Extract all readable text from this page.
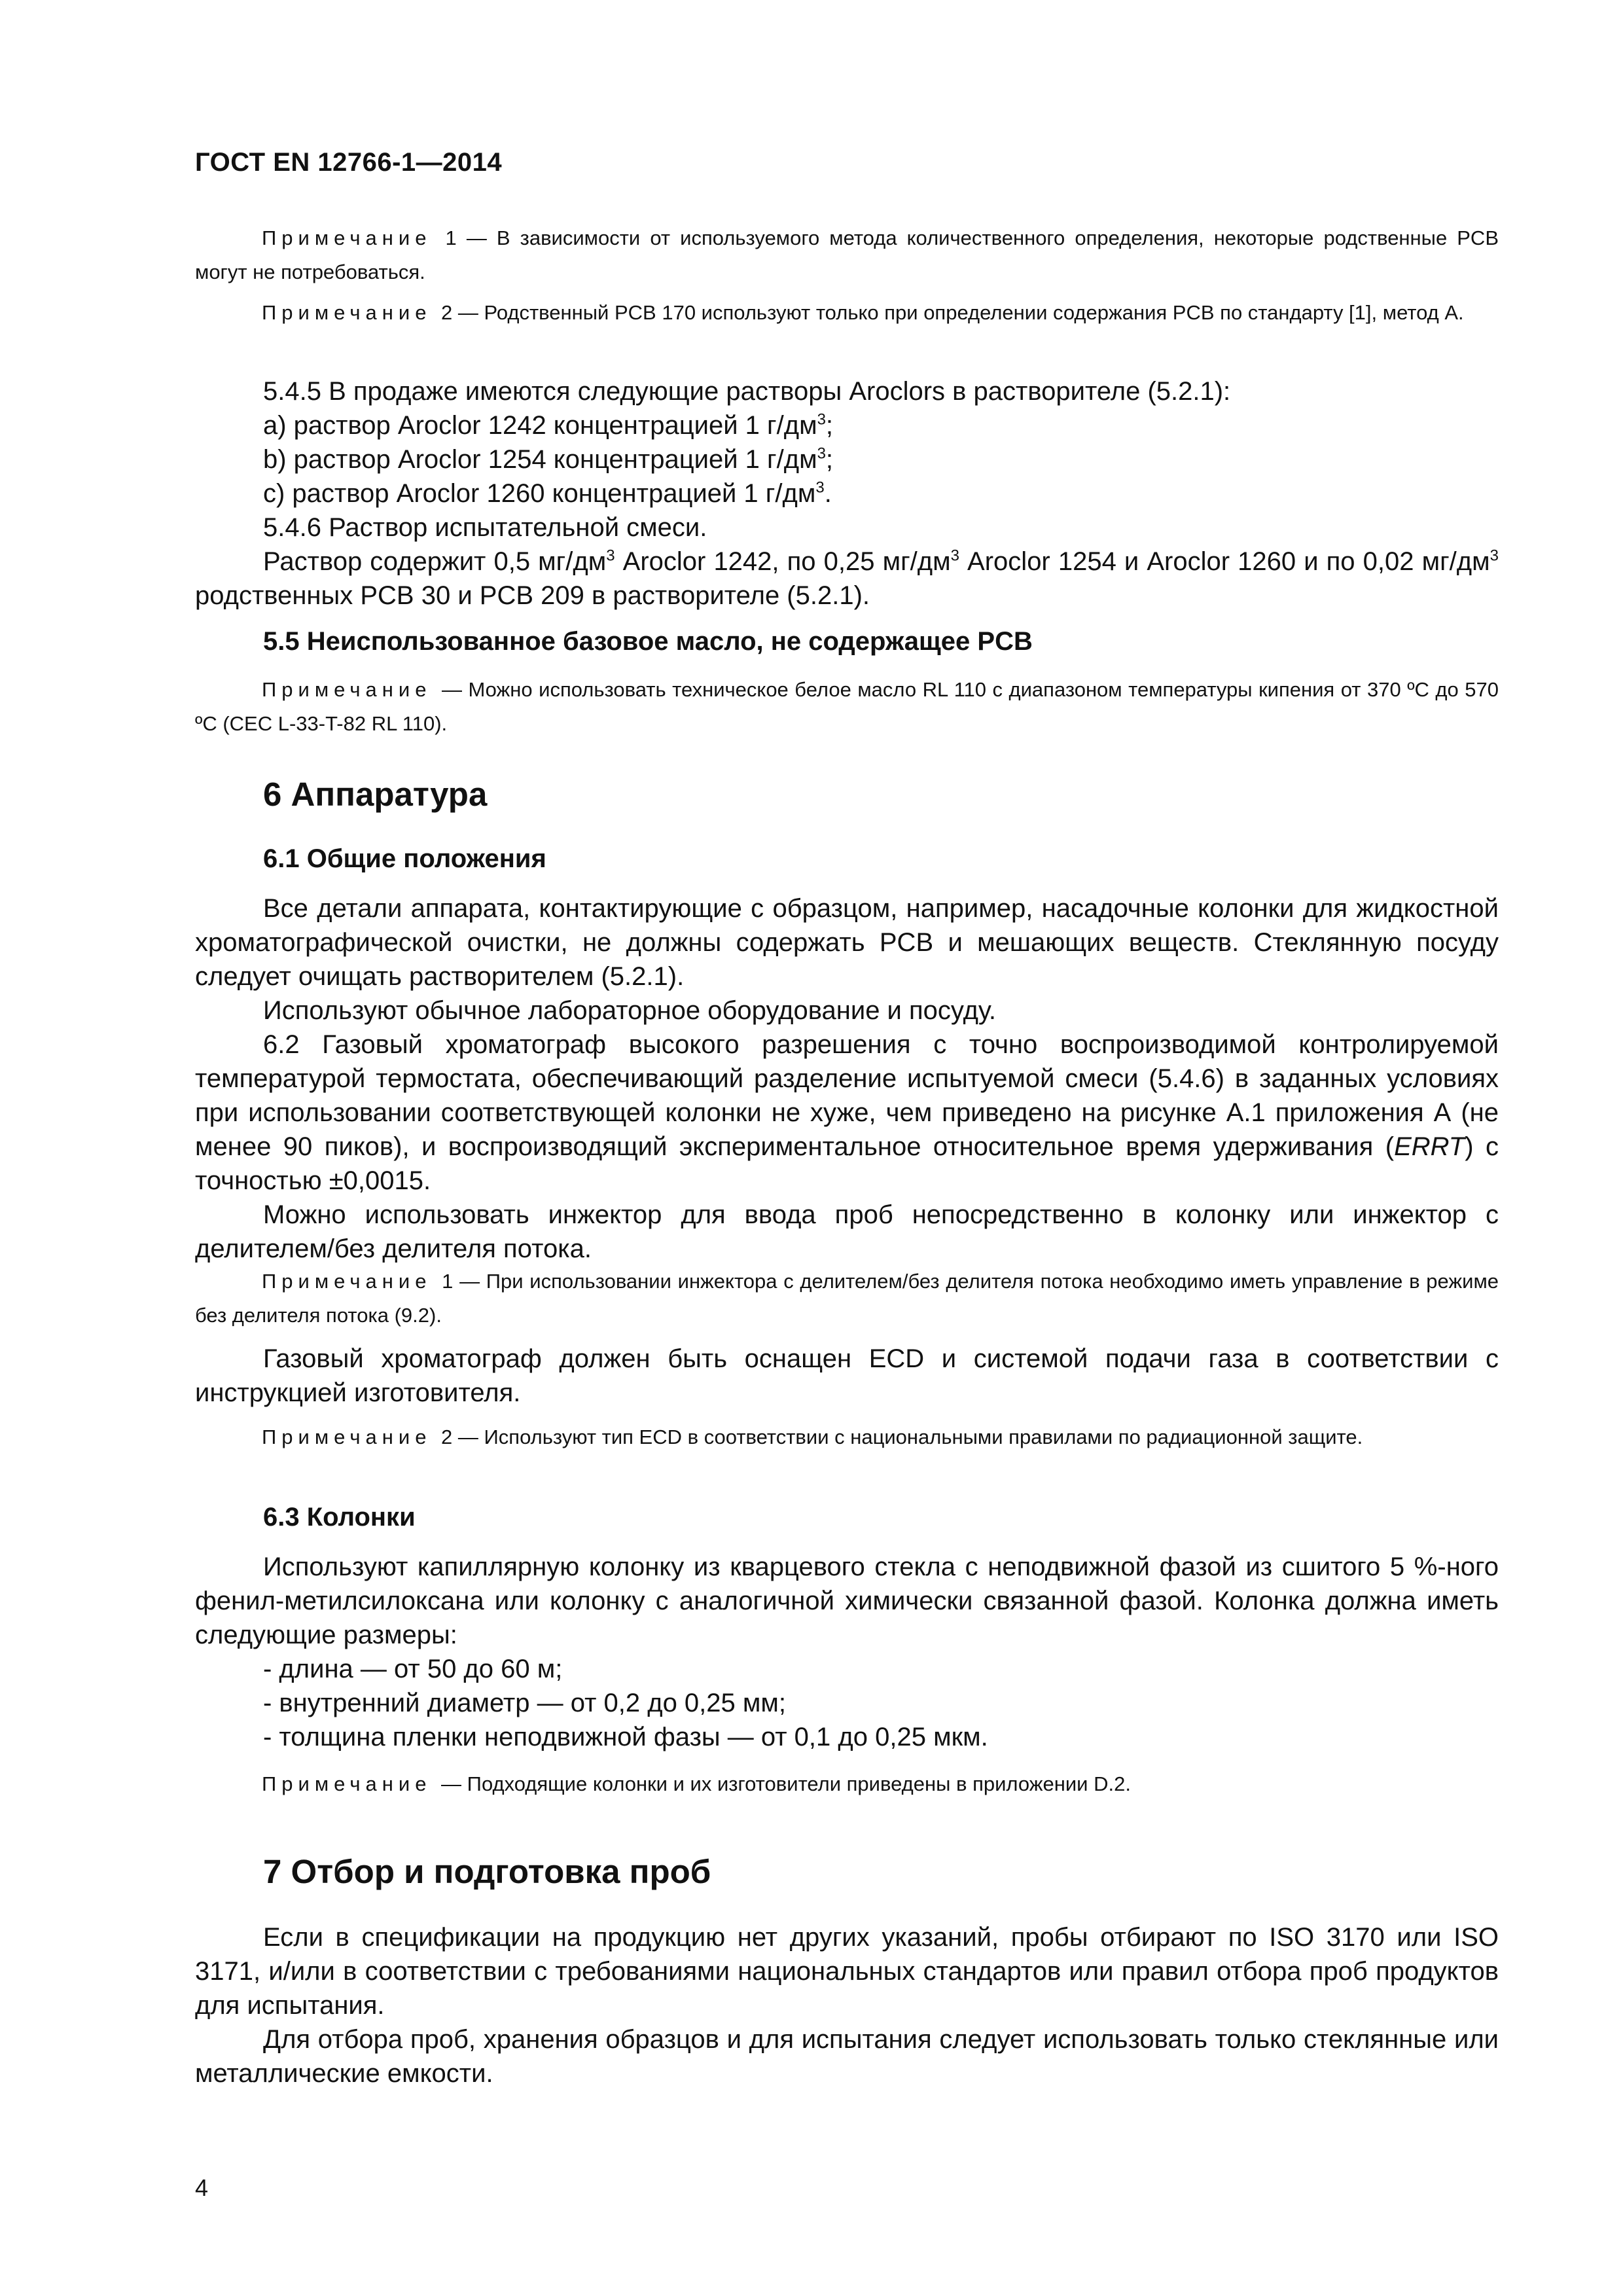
ГОСТ EN 12766-1—2014

Примечание 1 — В зависимости от используемого метода количественного определения, некоторые родственные PCB могут не потребоваться.

Примечание 2 — Родственный PCB 170 используют только при определении содержания PCB по стандарту [1], метод А.

5.4.5 В продаже имеются следующие растворы Aroclors в растворителе (5.2.1):

а) раствор Aroclor 1242 концентрацией 1 $г/дм^3$;

b) раствор Aroclor 1254 концентрацией 1 $г/дм^3$;

с) раствор Aroclor 1260 концентрацией 1 $г/дм^3$.

5.4.6 Раствор испытательной смеси.

Раствор содержит 0,5 $мг/дм^3$ Aroclor 1242, по 0,25 $мг/дм^3$ Aroclor 1254 и Aroclor 1260 и по 0,02 $мг/дм^3$ родственных PCB 30 и PCB 209 в растворителе (5.2.1).

5.5 Неиспользованное базовое масло, не содержащее PCB

Примечание — Можно использовать техническое белое масло RL 110 с диапазоном температуры кипения от 370 ºС до 570 ºС (CEC L-33-T-82 RL 110).

6 Аппаратура

6.1 Общие положения

Все детали аппарата, контактирующие с образцом, например, насадочные колонки для жидкостной хроматографической очистки, не должны содержать PCB и мешающих веществ. Стеклянную посуду следует очищать растворителем (5.2.1).

Используют обычное лабораторное оборудование и посуду.

6.2 Газовый хроматограф высокого разрешения с точно воспроизводимой контролируемой температурой термостата, обеспечивающий разделение испытуемой смеси (5.4.6) в заданных условиях при использовании соответствующей колонки не хуже, чем приведено на рисунке А.1 приложения А (не менее 90 пиков), и воспроизводящий экспериментальное относительное время удерживания (ERRT) с точностью ±0,0015.

Можно использовать инжектор для ввода проб непосредственно в колонку или инжектор с делителем/без делителя потока.

Примечание 1 — При использовании инжектора с делителем/без делителя потока необходимо иметь управление в режиме без делителя потока (9.2).

Газовый хроматограф должен быть оснащен ECD и системой подачи газа в соответствии с инструкцией изготовителя.

Примечание 2 — Используют тип ECD в соответствии с национальными правилами по радиационной защите.

6.3 Колонки

Используют капиллярную колонку из кварцевого стекла с неподвижной фазой из сшитого 5 %-ного фенил-метилсилоксана или колонку с аналогичной химически связанной фазой. Колонка должна иметь следующие размеры:

- длина — от 50 до 60 м;

- внутренний диаметр — от 0,2 до 0,25 мм;

- толщина пленки неподвижной фазы — от 0,1 до 0,25 мкм.

Примечание — Подходящие колонки и их изготовители приведены в приложении D.2.

7 Отбор и подготовка проб

Если в спецификации на продукцию нет других указаний, пробы отбирают по ISO 3170 или ISO 3171, и/или в соответствии с требованиями национальных стандартов или правил отбора проб продуктов для испытания.

Для отбора проб, хранения образцов и для испытания следует использовать только стеклянные или металлические емкости.

4
